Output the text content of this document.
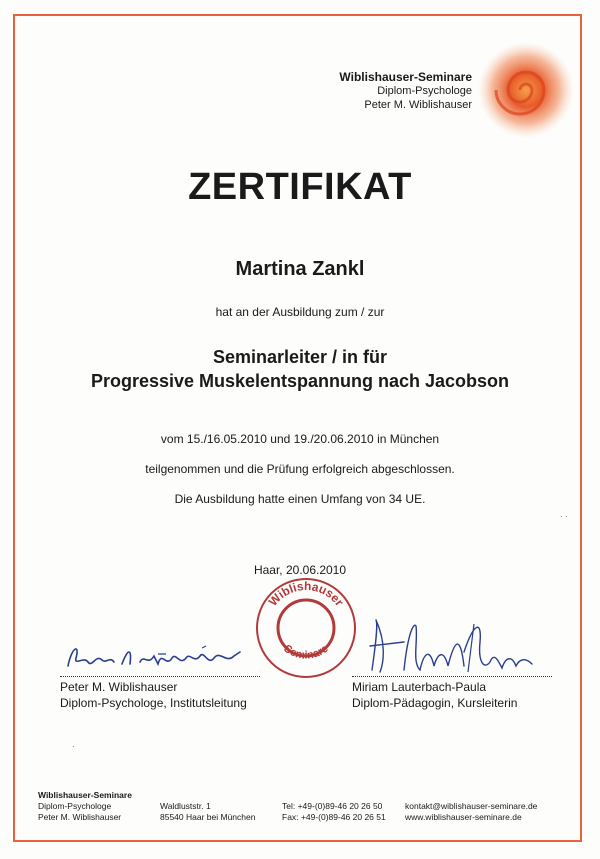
Wiblishauser-Seminare
Diplom-Psychologe
Peter M. Wiblishauser
ZERTIFIKAT
Martina Zankl
hat an der Ausbildung zum / zur
Seminarleiter / in für
Progressive Muskelentspannung nach Jacobson
vom 15./16.05.2010 und 19./20.06.2010 in München
teilgenommen und die Prüfung erfolgreich abgeschlossen.
Die Ausbildung hatte einen Umfang von 34 UE.
Haar, 20.06.2010
Wiblishauser
Seminare
Peter M. Wiblishauser
Diplom-Psychologe, Institutsleitung
Miriam Lauterbach-Paula
Diplom-Pädagogin, Kursleiterin
Wiblishauser-Seminare
Diplom-Psychologe
Peter M. Wiblishauser
Waldluststr. 1
85540 Haar bei München
Tel: +49-(0)89-46 20 26 50
Fax: +49-(0)89-46 20 26 51
kontakt@wiblishauser-seminare.de
www.wiblishauser-seminare.de
· ·
·
